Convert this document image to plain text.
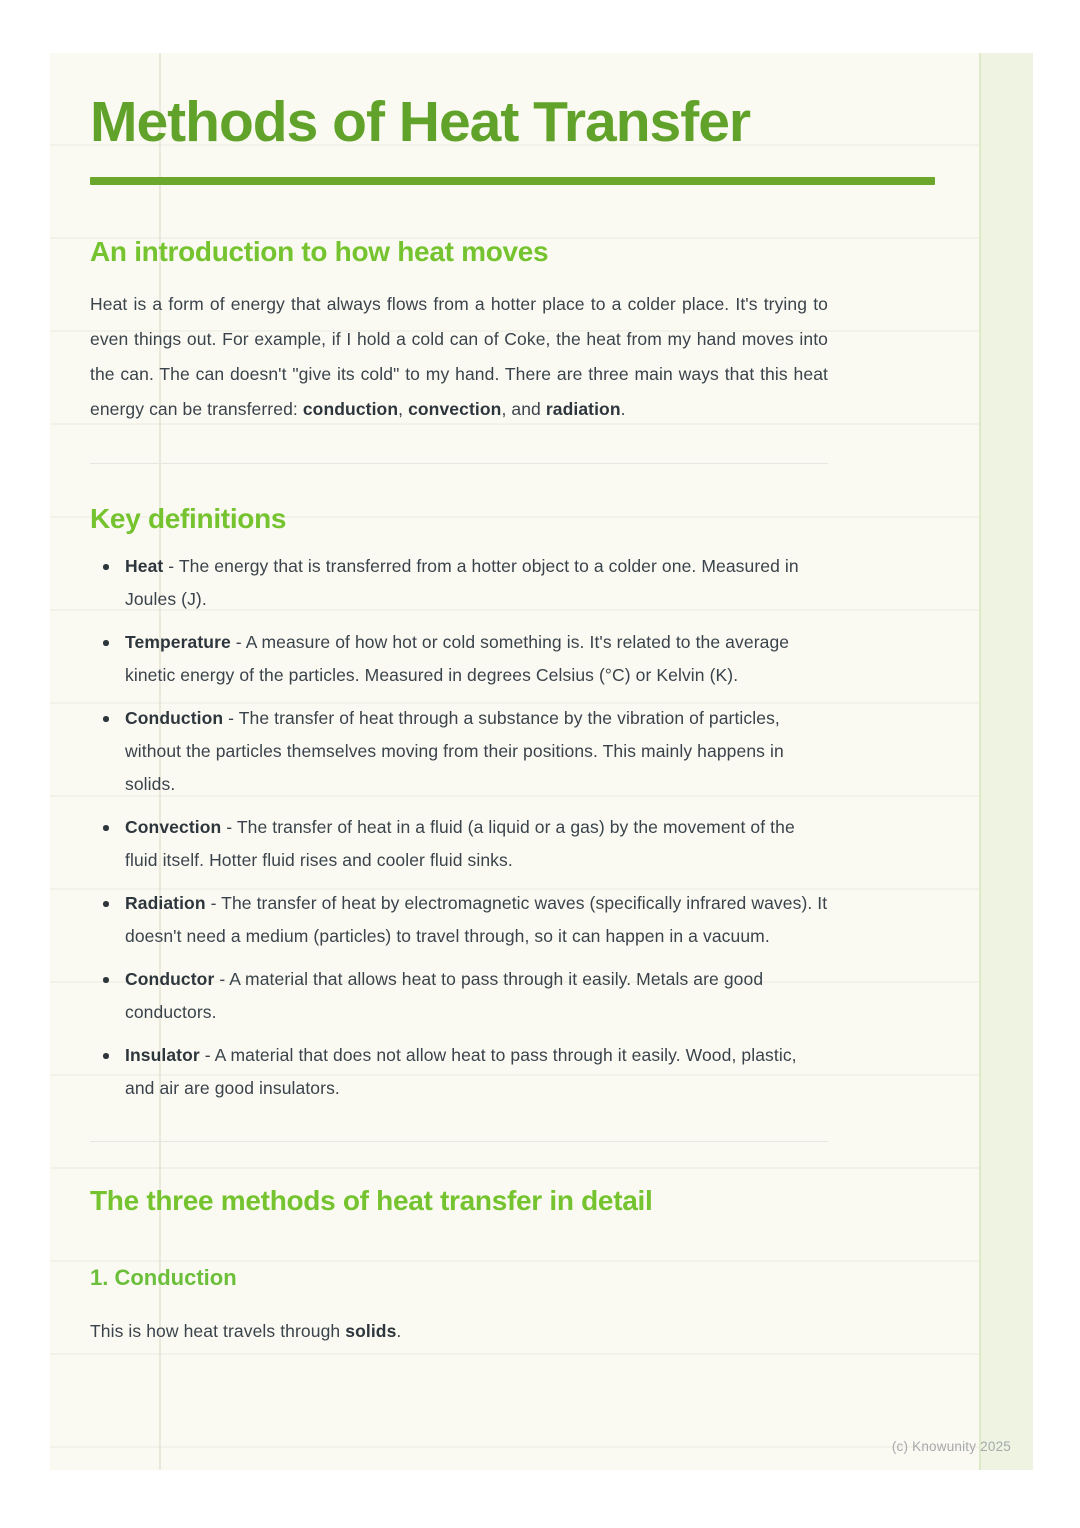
Methods of Heat Transfer
An introduction to how heat moves

Heat is a form of energy that always flows from a hotter place to a colder place. It's trying to even things out. For example, if I hold a cold can of Coke, the heat from my hand moves into the can. The can doesn't "give its cold" to my hand. There are three main ways that this heat energy can be transferred: conduction, convection, and radiation.

Key definitions
Heat - The energy that is transferred from a hotter object to a colder one. Measured in Joules (J).
Temperature - A measure of how hot or cold something is. It's related to the average kinetic energy of the particles. Measured in degrees Celsius (°C) or Kelvin (K).
Conduction - The transfer of heat through a substance by the vibration of particles, without the particles themselves moving from their positions. This mainly happens in solids.
Convection - The transfer of heat in a fluid (a liquid or a gas) by the movement of the fluid itself. Hotter fluid rises and cooler fluid sinks.
Radiation - The transfer of heat by electromagnetic waves (specifically infrared waves). It doesn't need a medium (particles) to travel through, so it can happen in a vacuum.
Conductor - A material that allows heat to pass through it easily. Metals are good conductors.
Insulator - A material that does not allow heat to pass through it easily. Wood, plastic, and air are good insulators.
The three methods of heat transfer in detail
1. Conduction

This is how heat travels through solids.

(c) Knowunity 2025
